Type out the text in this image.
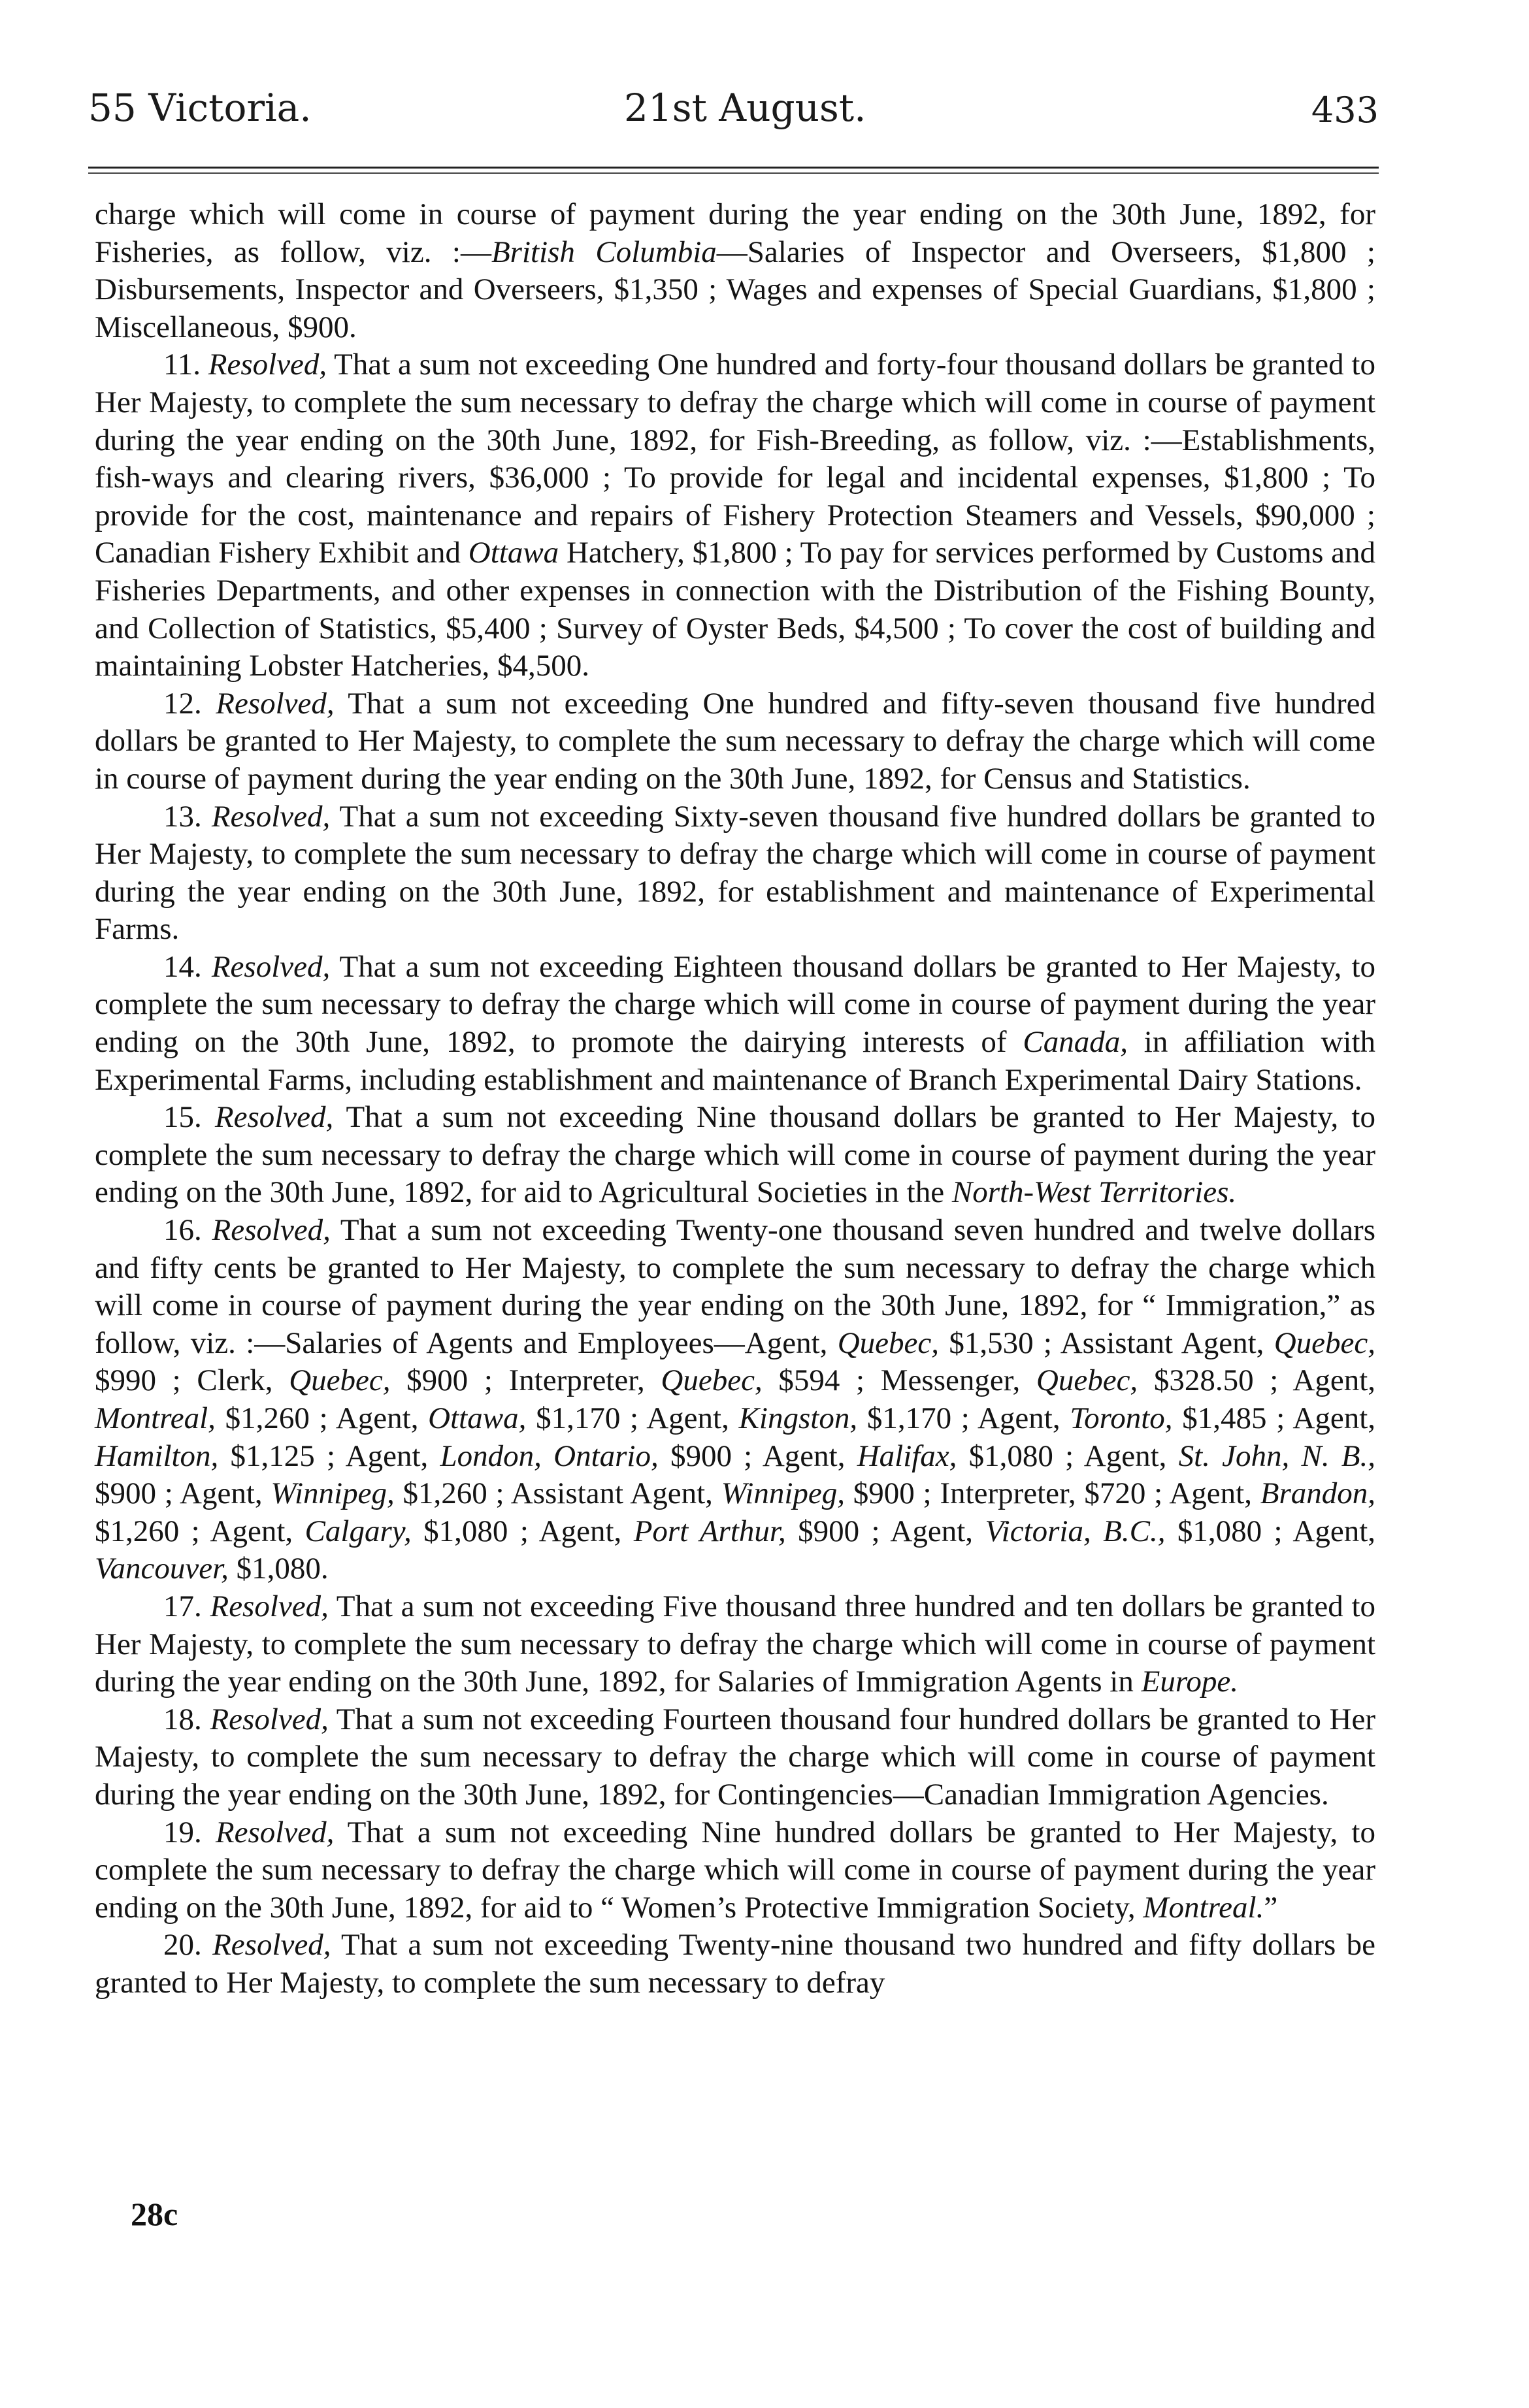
55 Victoria.	21st August.	433

charge which will come in course of payment during the year ending on the 30th June, 1892, for Fisheries, as follow, viz. :—British Columbia—Salaries of Inspector and Overseers, $1,800 ; Disbursements, Inspector and Overseers, $1,350 ; Wages and expenses of Special Guardians, $1,800 ; Miscellaneous, $900.

11. Resolved, That a sum not exceeding One hundred and forty-four thousand dollars be granted to Her Majesty, to complete the sum necessary to defray the charge which will come in course of payment during the year ending on the 30th June, 1892, for Fish-Breeding, as follow, viz. :—Establishments, fish-ways and clearing rivers, $36,000 ; To provide for legal and incidental expenses, $1,800 ; To provide for the cost, maintenance and repairs of Fishery Protection Steamers and Vessels, $90,000 ; Canadian Fishery Exhibit and Ottawa Hatchery, $1,800 ; To pay for services performed by Customs and Fisheries Departments, and other expenses in connection with the Distribution of the Fishing Bounty, and Collection of Statistics, $5,400 ; Survey of Oyster Beds, $4,500 ; To cover the cost of building and maintaining Lobster Hatcheries, $4,500.

12. Resolved, That a sum not exceeding One hundred and fifty-seven thousand five hundred dollars be granted to Her Majesty, to complete the sum necessary to defray the charge which will come in course of payment during the year ending on the 30th June, 1892, for Census and Statistics.

13. Resolved, That a sum not exceeding Sixty-seven thousand five hundred dollars be granted to Her Majesty, to complete the sum necessary to defray the charge which will come in course of payment during the year ending on the 30th June, 1892, for establishment and maintenance of Experimental Farms.

14. Resolved, That a sum not exceeding Eighteen thousand dollars be granted to Her Majesty, to complete the sum necessary to defray the charge which will come in course of payment during the year ending on the 30th June, 1892, to promote the dairying interests of Canada, in affiliation with Experimental Farms, including establishment and maintenance of Branch Experimental Dairy Stations.

15. Resolved, That a sum not exceeding Nine thousand dollars be granted to Her Majesty, to complete the sum necessary to defray the charge which will come in course of payment during the year ending on the 30th June, 1892, for aid to Agricultural Societies in the North-West Territories.

16. Resolved, That a sum not exceeding Twenty-one thousand seven hundred and twelve dollars and fifty cents be granted to Her Majesty, to complete the sum necessary to defray the charge which will come in course of payment during the year ending on the 30th June, 1892, for “ Immigration,” as follow, viz. :—Salaries of Agents and Employees—Agent, Quebec, $1,530 ; Assistant Agent, Quebec, $990 ; Clerk, Quebec, $900 ; Interpreter, Quebec, $594 ; Messenger, Quebec, $328.50 ; Agent, Montreal, $1,260 ; Agent, Ottawa, $1,170 ; Agent, Kingston, $1,170 ; Agent, Toronto, $1,485 ; Agent, Hamilton, $1,125 ; Agent, London, Ontario, $900 ; Agent, Halifax, $1,080 ; Agent, St. John, N. B., $900 ; Agent, Winnipeg, $1,260 ; Assistant Agent, Winnipeg, $900 ; Interpreter, $720 ; Agent, Brandon, $1,260 ; Agent, Calgary, $1,080 ; Agent, Port Arthur, $900 ; Agent, Victoria, B.C., $1,080 ; Agent, Vancouver, $1,080.

17. Resolved, That a sum not exceeding Five thousand three hundred and ten dollars be granted to Her Majesty, to complete the sum necessary to defray the charge which will come in course of payment during the year ending on the 30th June, 1892, for Salaries of Immigration Agents in Europe.

18. Resolved, That a sum not exceeding Fourteen thousand four hundred dollars be granted to Her Majesty, to complete the sum necessary to defray the charge which will come in course of payment during the year ending on the 30th June, 1892, for Contingencies—Canadian Immigration Agencies.

19. Resolved, That a sum not exceeding Nine hundred dollars be granted to Her Majesty, to complete the sum necessary to defray the charge which will come in course of payment during the year ending on the 30th June, 1892, for aid to “ Women’s Protective Immigration Society, Montreal.”

20. Resolved, That a sum not exceeding Twenty-nine thousand two hundred and fifty dollars be granted to Her Majesty, to complete the sum necessary to defray

28c
